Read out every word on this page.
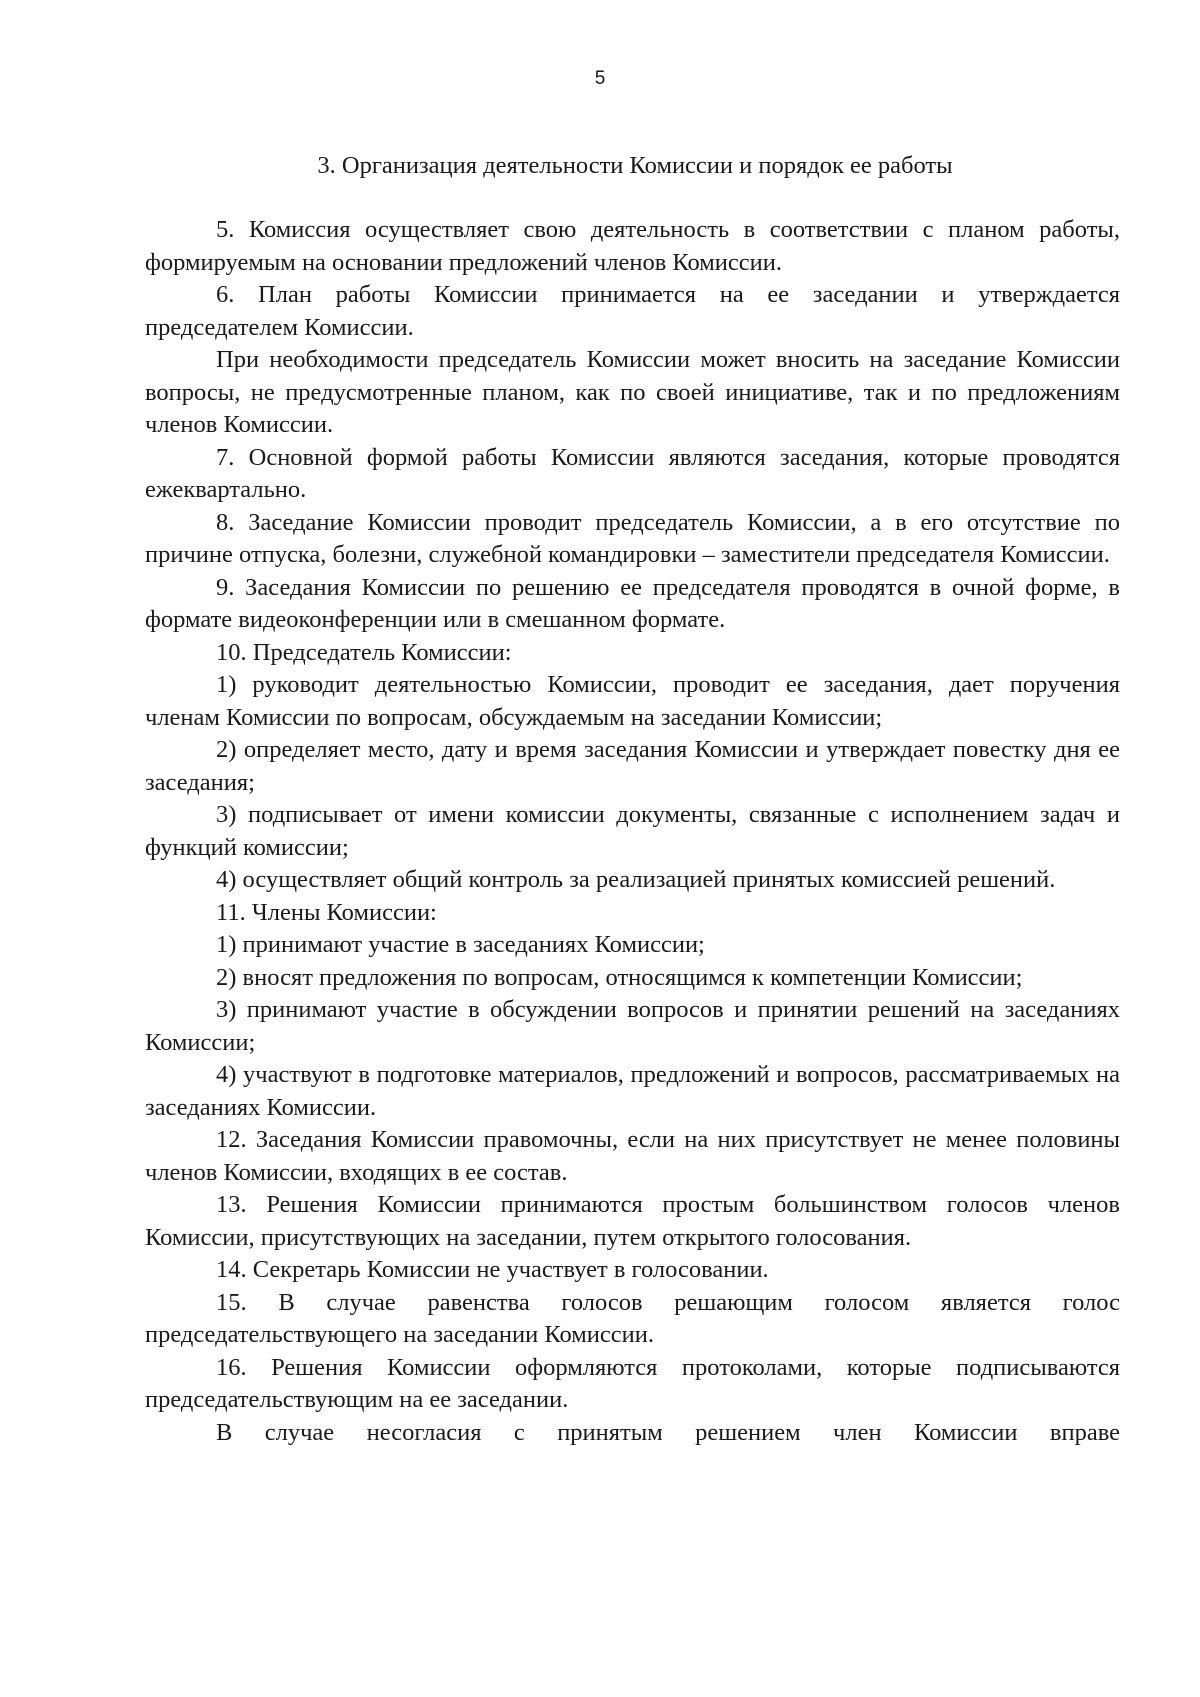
5
3. Организация деятельности Комиссии и порядок ее работы

5. Комиссия осуществляет свою деятельность в соответствии с планом работы, формируемым на основании предложений членов Комиссии.

6. План работы Комиссии принимается на ее заседании и утверждается председателем Комиссии.

При необходимости председатель Комиссии может вносить на заседание Комиссии вопросы, не предусмотренные планом, как по своей инициативе, так и по предложениям членов Комиссии.

7. Основной формой работы Комиссии являются заседания, которые проводятся ежеквартально.

8. Заседание Комиссии проводит председатель Комиссии, а в его отсутствие по причине отпуска, болезни, служебной командировки – заместители председателя Комиссии.

9. Заседания Комиссии по решению ее председателя проводятся в очной форме, в формате видеоконференции или в смешанном формате.

10. Председатель Комиссии:

1) руководит деятельностью Комиссии, проводит ее заседания, дает поручения членам Комиссии по вопросам, обсуждаемым на заседании Комиссии;

2) определяет место, дату и время заседания Комиссии и утверждает повестку дня ее заседания;

3) подписывает от имени комиссии документы, связанные с исполнением задач и функций комиссии;

4) осуществляет общий контроль за реализацией принятых комиссией решений.

11. Члены Комиссии:

1) принимают участие в заседаниях Комиссии;

2) вносят предложения по вопросам, относящимся к компетенции Комиссии;

3) принимают участие в обсуждении вопросов и принятии решений на заседаниях Комиссии;

4) участвуют в подготовке материалов, предложений и вопросов, рассматриваемых на заседаниях Комиссии.

12. Заседания Комиссии правомочны, если на них присутствует не менее половины членов Комиссии, входящих в ее состав.

13. Решения Комиссии принимаются простым большинством голосов членов Комиссии, присутствующих на заседании, путем открытого голосования.

14. Секретарь Комиссии не участвует в голосовании.

15. В случае равенства голосов решающим голосом является голос председательствующего на заседании Комиссии.

16. Решения Комиссии оформляются протоколами, которые подписываются председательствующим на ее заседании.

В случае несогласия с принятым решением член Комиссии вправе
